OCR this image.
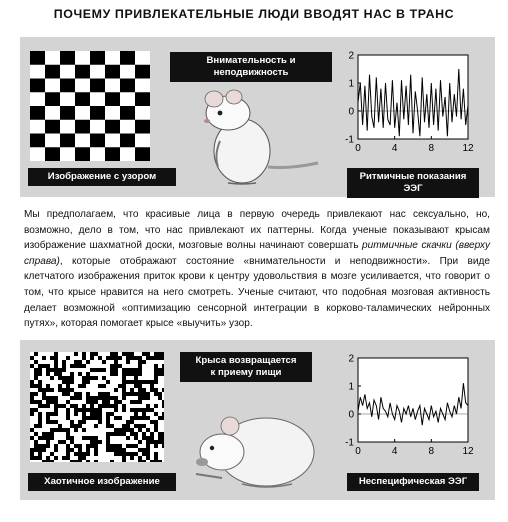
ПОЧЕМУ ПРИВЛЕКАТЕЛЬНЫЕ ЛЮДИ ВВОДЯТ НАС В ТРАНС
Изображение с узором
Внимательность и неподвижность
-1
0
1
2
0	4	8	12
Ритмичные показания ЭЭГ
Мы предполагаем, что красивые лица в первую очередь привлекают нас сексуально, но, возможно, дело в том, что нас привлекают их паттерны. Когда ученые показывают крысам изображение шахматной доски, мозговые волны начинают совершать ритмичные скачки (вверху справа), которые отображают состояние «внимательности и неподвижности». При виде клетчатого изображения приток крови к центру удовольствия в мозге усиливается, что говорит о том, что крысе нравится на него смотреть. Ученые считают, что подобная мозговая активность делает возможной «оптимизацию сенсорной интеграции в корково-таламических нейронных путях», которая помогает крысе «выучить» узор.
Хаотичное изображение
Крыса возвращается
к приему пищи
-1
0
1
2
0	4	8	12
Неспецифическая ЭЭГ
